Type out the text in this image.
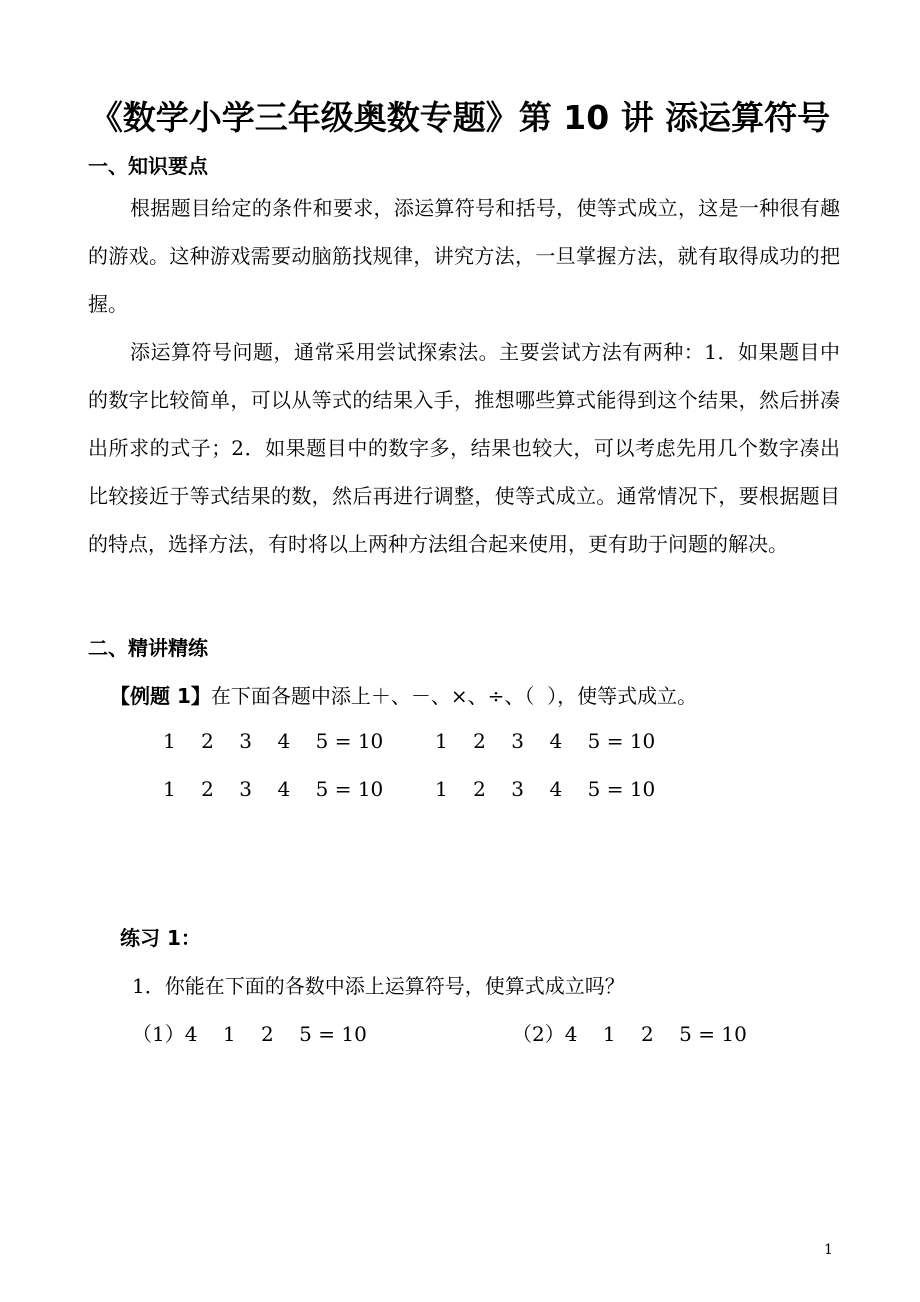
《数学小学三年级奥数专题》第 10 讲 添运算符号
一、知识要点
根据题目给定的条件和要求，添运算符号和括号，使等式成立，这是一种很有趣的游戏。这种游戏需要动脑筋找规律，讲究方法，一旦掌握方法，就有取得成功的把握。
添运算符号问题，通常采用尝试探索法。主要尝试方法有两种：1．如果题目中的数字比较简单，可以从等式的结果入手，推想哪些算式能得到这个结果，然后拼凑出所求的式子；2．如果题目中的数字多，结果也较大，可以考虑先用几个数字凑出比较接近于等式结果的数，然后再进行调整，使等式成立。通常情况下，要根据题目的特点，选择方法，有时将以上两种方法组合起来使用，更有助于问题的解决。
二、精讲精练
【例题 1】在下面各题中添上＋、－、×、÷、（  ），使等式成立。
1    2    3    4    5 = 10	1    2    3    4    5 = 10
1    2    3    4    5 = 10	1    2    3    4    5 = 10
练习 1：
1．你能在下面的各数中添上运算符号，使算式成立吗？
（1）4    1    2    5 = 10	（2）4    1    2    5 = 10
1
